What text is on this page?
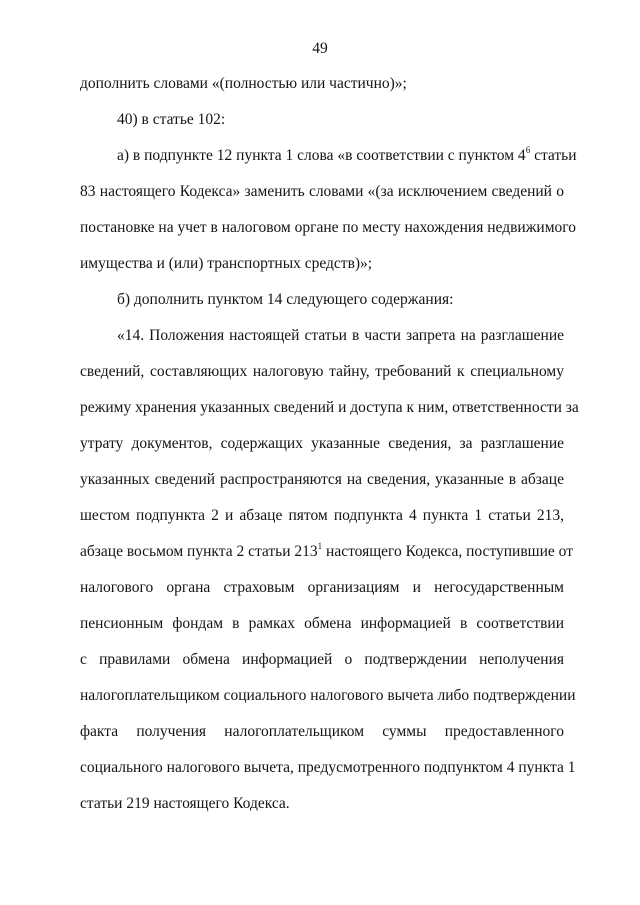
49
дополнить словами «(полностью или частично)»;
40) в статье 102:
а) в подпункте 12 пункта 1 слова «в соответствии с пунктом $4^6$ статьи
83 настоящего Кодекса» заменить словами «(за исключением сведений о
постановке на учет в налоговом органе по месту нахождения недвижимого
имущества и (или) транспортных средств)»;
б) дополнить пунктом 14 следующего содержания:
«14. Положения настоящей статьи в части запрета на разглашение
сведений, составляющих налоговую тайну, требований к специальному
режиму хранения указанных сведений и доступа к ним, ответственности за
утрату документов, содержащих указанные сведения, за разглашение
указанных сведений распространяются на сведения, указанные в абзаце
шестом подпункта 2 и абзаце пятом подпункта 4 пункта 1 статьи 213,
абзаце восьмом пункта 2 статьи $213^1$ настоящего Кодекса, поступившие от
налогового органа страховым организациям и негосударственным
пенсионным фондам в рамках обмена информацией в соответствии
с правилами обмена информацией о подтверждении неполучения
налогоплательщиком социального налогового вычета либо подтверждении
факта получения налогоплательщиком суммы предоставленного
социального налогового вычета, предусмотренного подпунктом 4 пункта 1
статьи 219 настоящего Кодекса.
